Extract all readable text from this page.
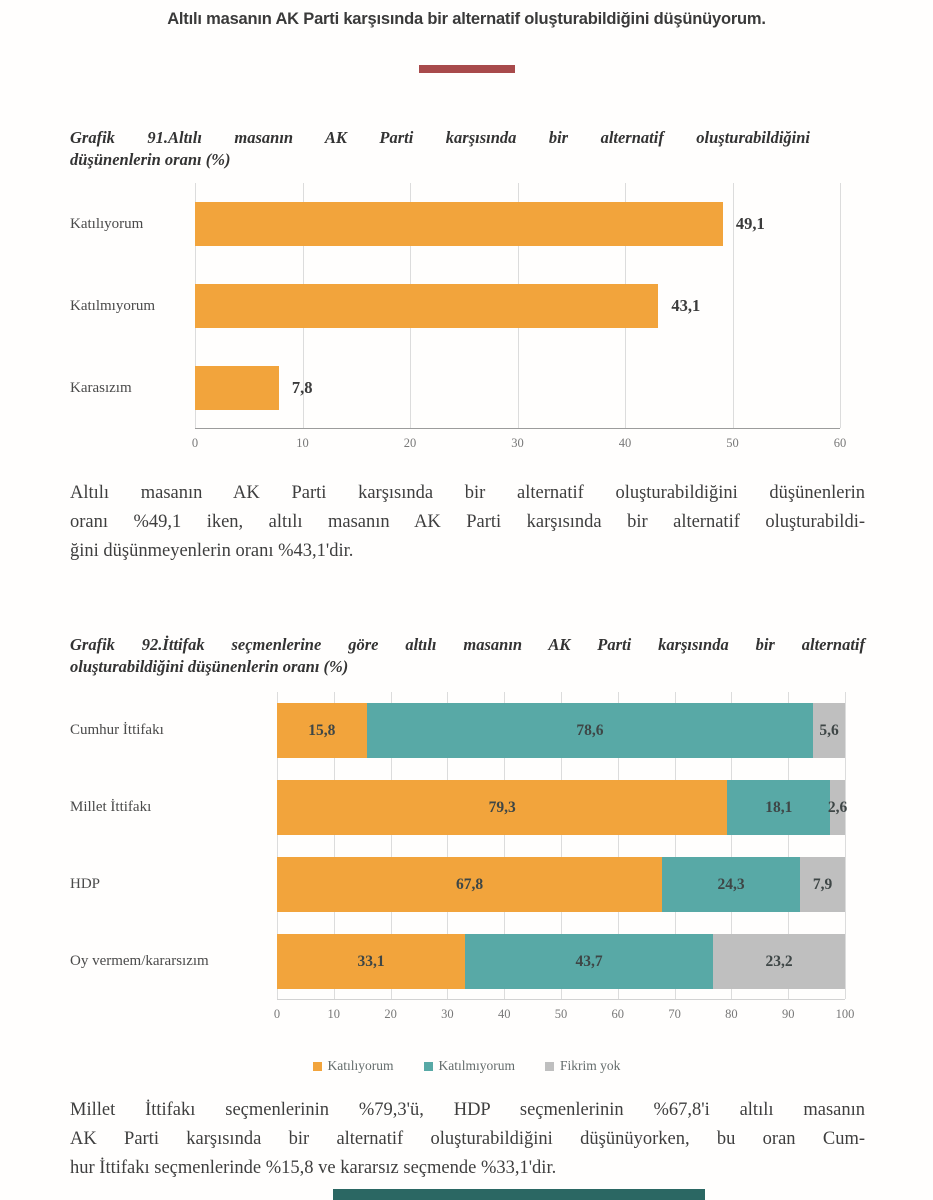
Altılı masanın AK Parti karşısında bir alternatif oluşturabildiğini düşünüyorum.
Grafik 91.Altılı masanın AK Parti karşısında bir alternatif oluşturabildiğini
düşünenlerin oranı (%)
Katılıyorum	49,1
Katılmıyorum	43,1
Karasızım	7,8
0	10	20	30	40	50	60
Altılı masanın AK Parti karşısında bir alternatif oluşturabildiğini düşünenlerin
oranı %49,1 iken, altılı masanın AK Parti karşısında bir alternatif oluşturabildi-
ğini düşünmeyenlerin oranı %43,1'dir.
Grafik 92.İttifak seçmenlerine göre altılı masanın AK Parti karşısında bir alternatif
oluşturabildiğini düşünenlerin oranı (%)
Cumhur İttifakı	15,8	78,6	5,6
Millet İttifakı	79,3	18,1 2,6
HDP	67,8	24,3	7,9
Oy vermem/kararsızım	33,1	43,7	23,2
0	10	20	30	40	50	60	70	80	90	100
Katılıyorum	Katılmıyorum	Fikrim yok
Millet İttifakı seçmenlerinin %79,3'ü, HDP seçmenlerinin %67,8'i altılı masanın
AK Parti karşısında bir alternatif oluşturabildiğini düşünüyorken, bu oran Cum-
hur İttifakı seçmenlerinde %15,8 ve kararsız seçmende %33,1'dir.
